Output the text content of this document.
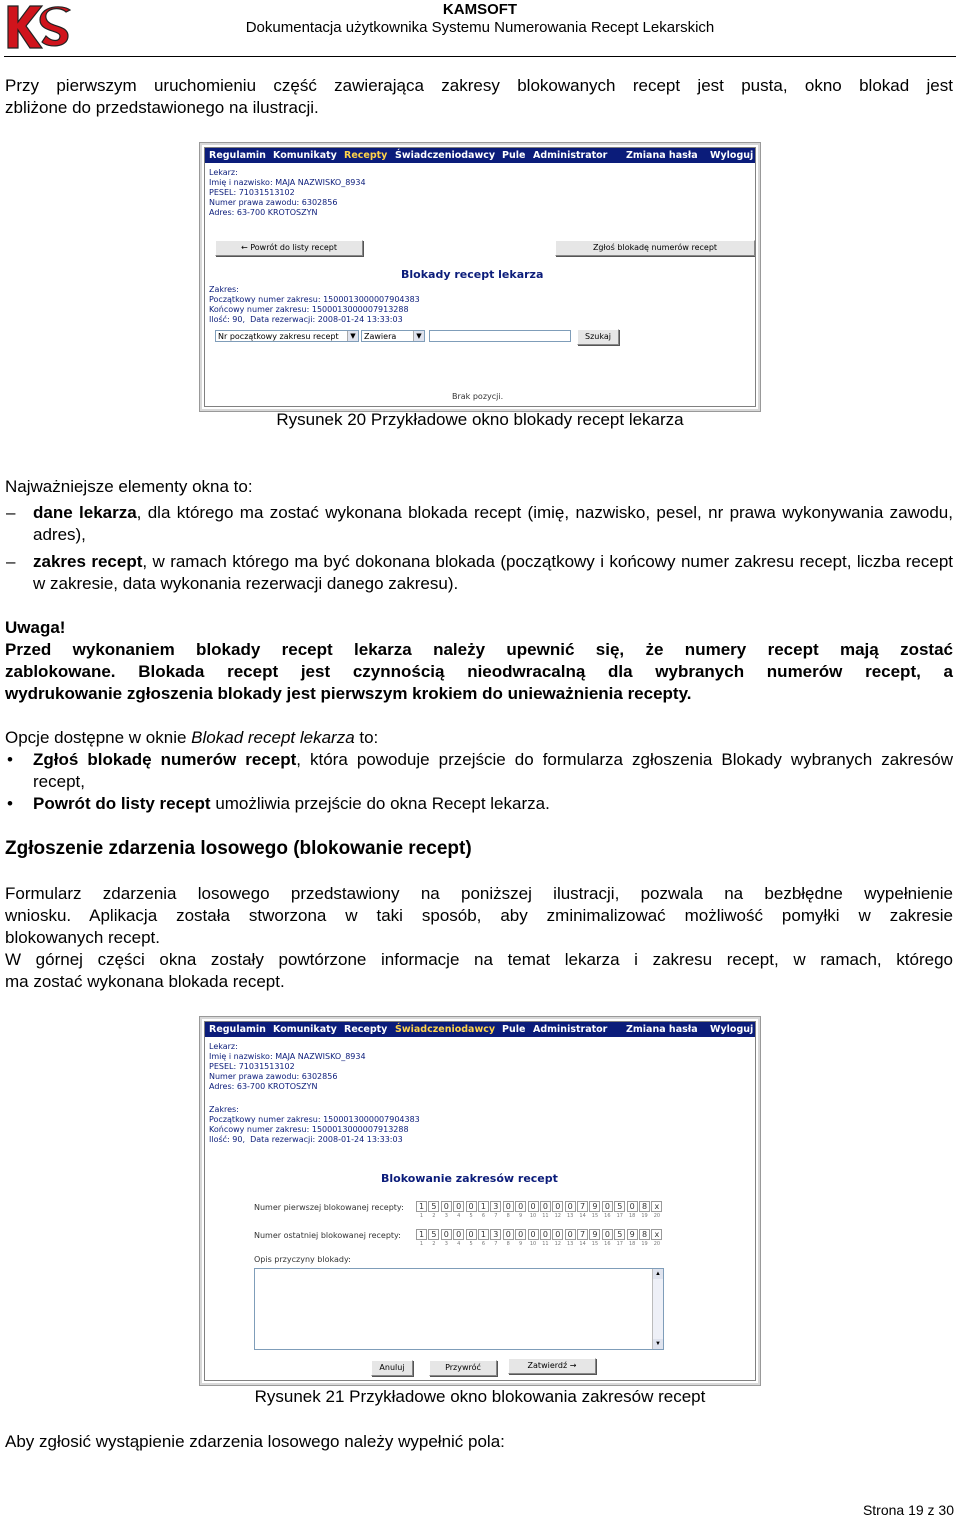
KAMSOFT
Dokumentacja użytkownika Systemu Numerowania Recept Lekarskich
Przy pierwszym uruchomieniu część zawierająca zakresy blokowanych recept jest pusta, okno blokad jest
zbliżone do przedstawionego na ilustracji.
Regulamin Komunikaty Recepty Świadczeniodawcy Pule Administrator Zmiana hasła Wyloguj
Lekarz:
Imię i nazwisko: MAJA NAZWISKO_8934
PESEL: 71031513102
Numer prawa zawodu: 6302856
Adres: 63-700 KROTOSZYN
← Powrót do listy recept	Zgłoś blokadę numerów recept
Blokady recept lekarza
Zakres:
Początkowy numer zakresu: 1500013000007904383
Końcowy numer zakresu: 1500013000007913288
Ilość: 90,  Data rezerwacji: 2008-01-24 13:33:03
Nr początkowy zakresu recept	▼	Zawiera	▼	Szukaj
Brak pozycji.
Rysunek 20 Przykładowe okno blokady recept lekarza
Najważniejsze elementy okna to:
– dane lekarza, dla którego ma zostać wykonana blokada recept (imię, nazwisko, pesel, nr prawa wykonywania zawodu, adres),
– zakres recept, w ramach którego ma być dokonana blokada (początkowy i końcowy numer zakresu recept, liczba recept w zakresie, data wykonania rezerwacji danego zakresu).
Uwaga!
Przed wykonaniem blokady recept lekarza należy upewnić się, że numery recept mają zostać
zablokowane. Blokada recept jest czynnością nieodwracalną dla wybranych numerów recept, a
wydrukowanie zgłoszenia blokady jest pierwszym krokiem do unieważnienia recepty.
Opcje dostępne w oknie Blokad recept lekarza to:
• Zgłoś blokadę numerów recept, która powoduje przejście do formularza zgłoszenia Blokady wybranych zakresów recept,
• Powrót do listy recept umożliwia przejście do okna Recept lekarza.
Zgłoszenie zdarzenia losowego (blokowanie recept)
Formularz zdarzenia losowego przedstawiony na poniższej ilustracji, pozwala na bezbłędne wypełnienie
wniosku. Aplikacja została stworzona w taki sposób, aby zminimalizować możliwość pomyłki w zakresie
blokowanych recept.
W górnej części okna zostały powtórzone informacje na temat lekarza i zakresu recept, w ramach, którego
ma zostać wykonana blokada recept.
Regulamin Komunikaty Recepty Świadczeniodawcy Pule Administrator Zmiana hasła Wyloguj
Lekarz:
Imię i nazwisko: MAJA NAZWISKO_8934
PESEL: 71031513102
Numer prawa zawodu: 6302856
Adres: 63-700 KROTOSZYN
Zakres:
Początkowy numer zakresu: 1500013000007904383
Końcowy numer zakresu: 1500013000007913288
Ilość: 90,  Data rezerwacji: 2008-01-24 13:33:03
Blokowanie zakresów recept
Numer pierwszej blokowanej recepty:	1 5 0 0 0 1 3 0 0 0 0 0 0 7 9 0 5 0 8 x
1	2	3	4	5	6	7	8	9	10	11	12	13	14	15	16	17	18	19	20
Numer ostatniej blokowanej recepty:	1 5 0 0 0 1 3 0 0 0 0 0 0 7 9 0 5 9 8 x
1	2	3	4	5	6	7	8	9	10	11	12	13	14	15	16	17	18	19	20
Opis przyczyny blokady:
▲
▼
Anuluj	Przywróć	Zatwierdź →
Rysunek 21 Przykładowe okno blokowania zakresów recept
Aby zgłosić wystąpienie zdarzenia losowego należy wypełnić pola:
Strona 19 z 30
